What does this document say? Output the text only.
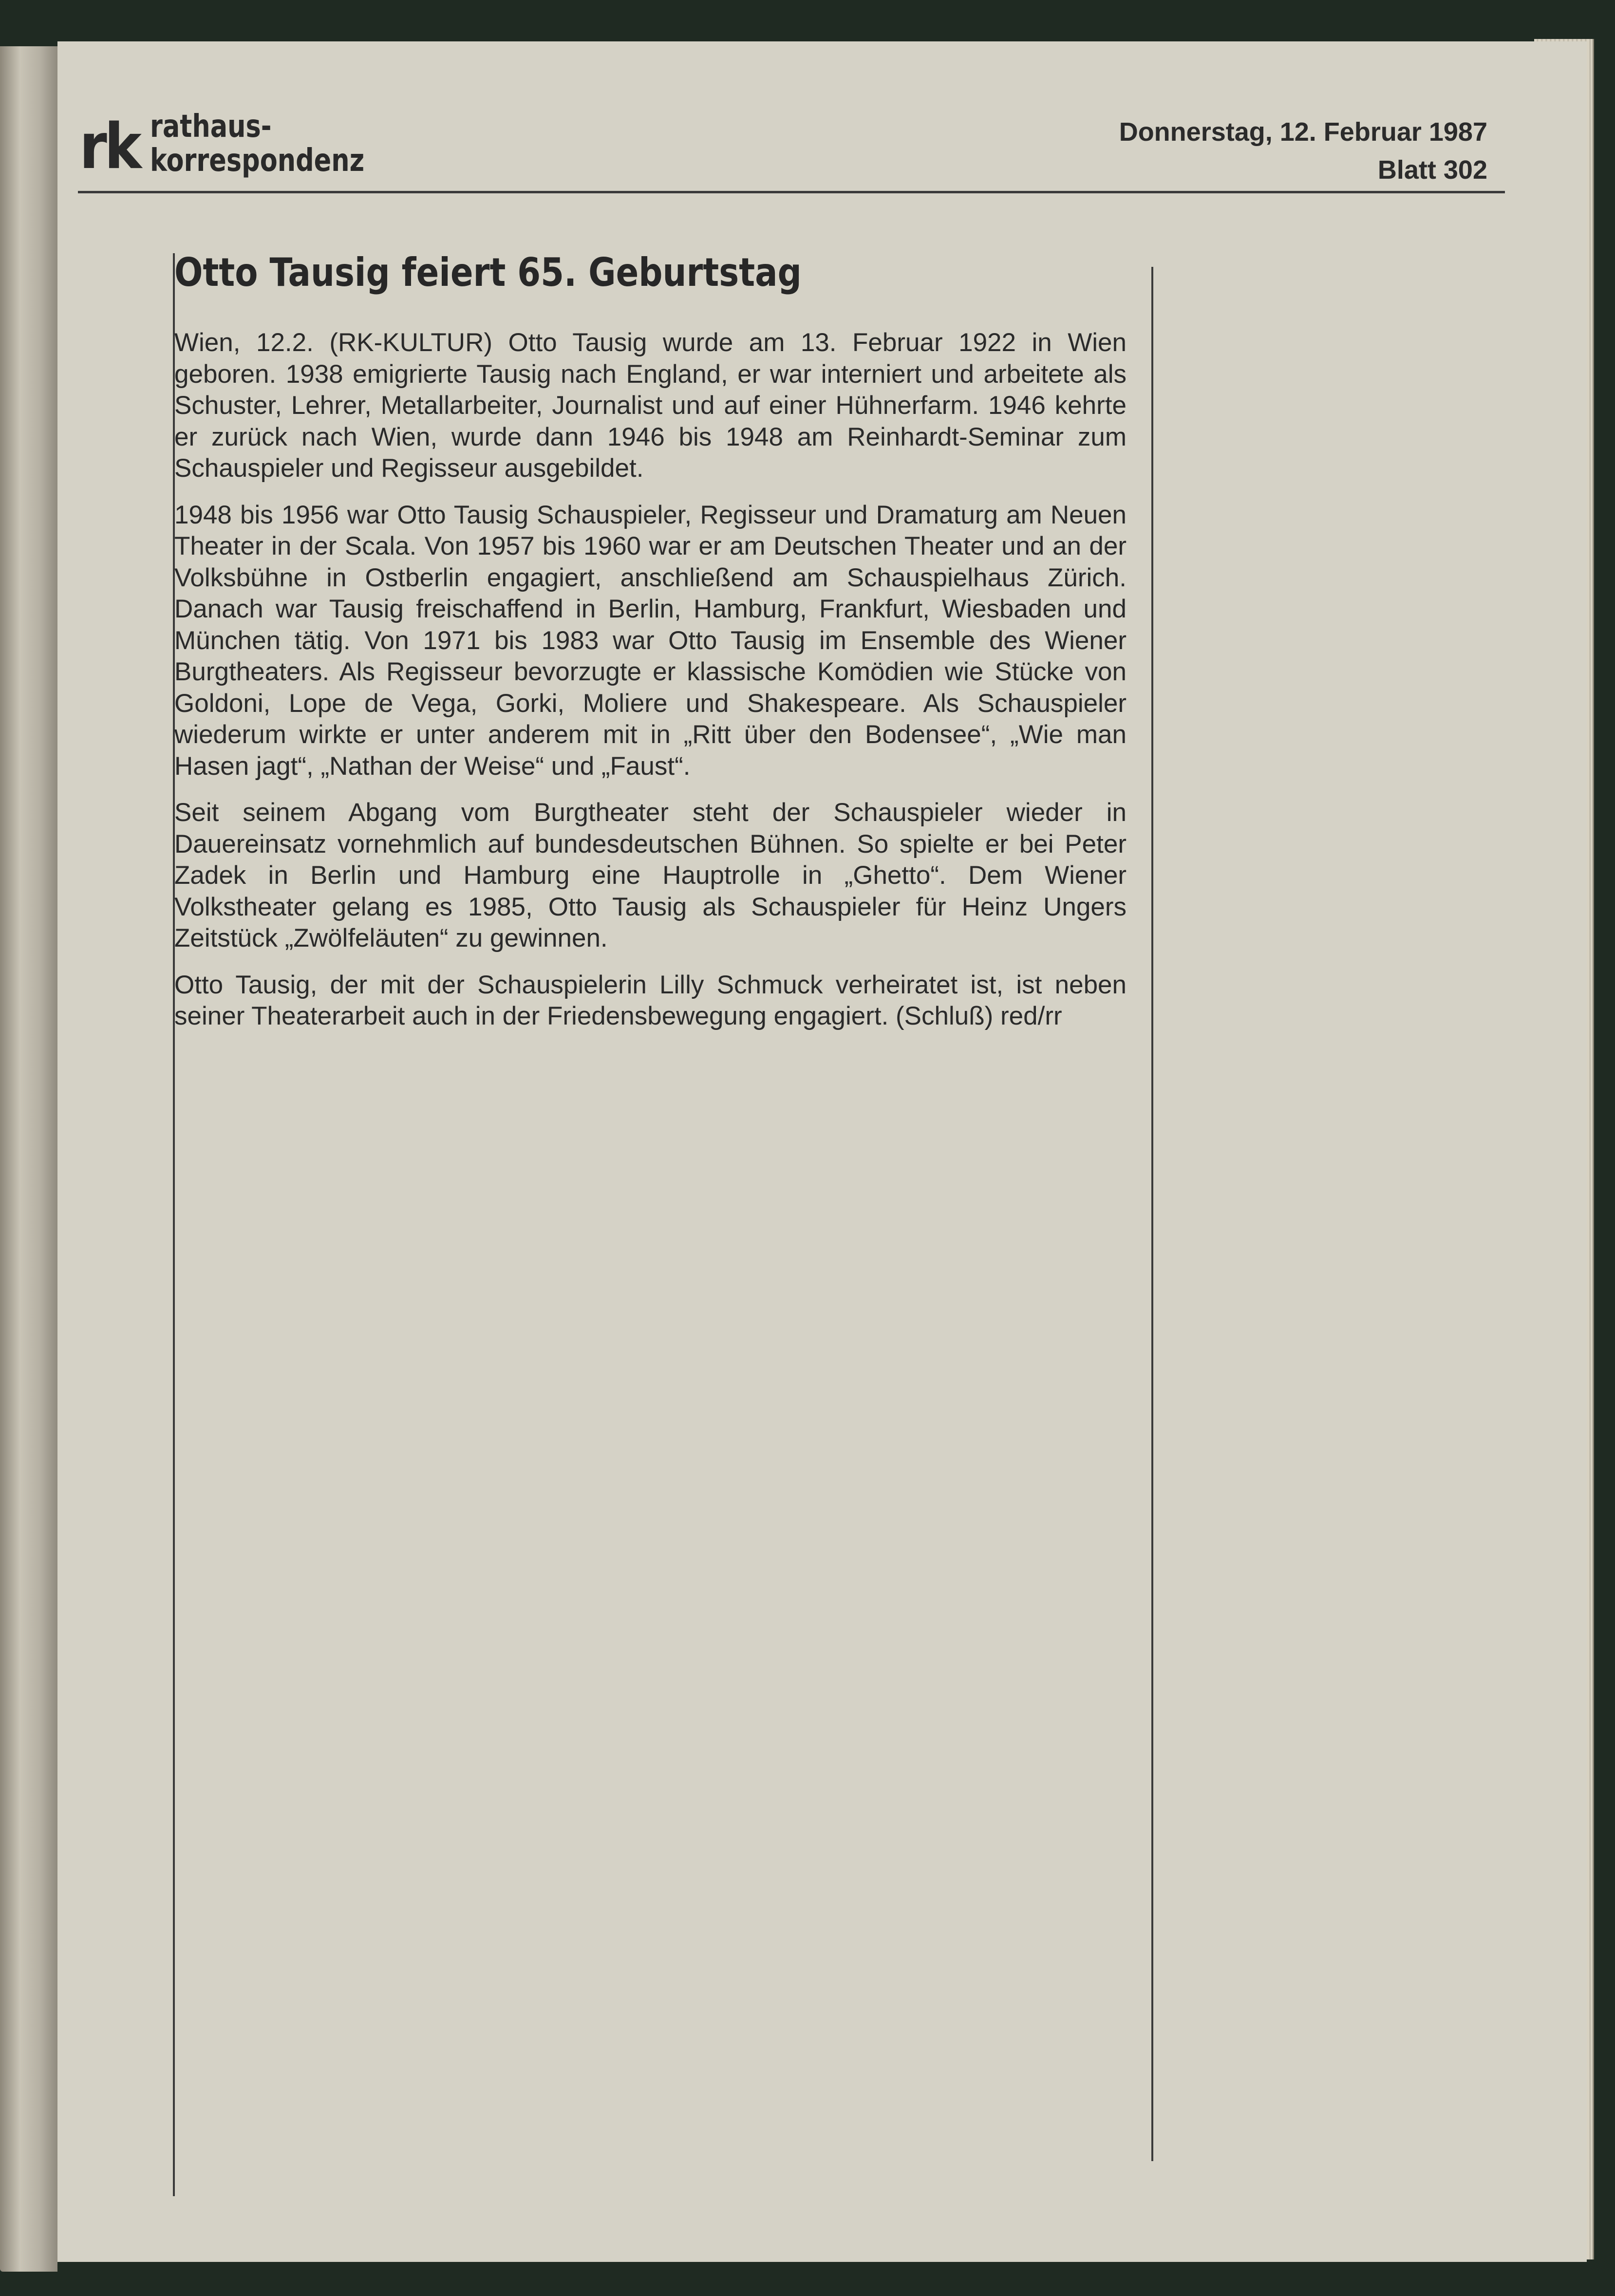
rk rathaus-
korrespondenz
Donnerstag, 12. Februar 1987
Blatt 302
Otto Tausig feiert 65. Geburtstag

Wien, 12.2. (RK-KULTUR) Otto Tausig wurde am 13. Februar 1922 in Wien geboren. 1938 emigrierte Tausig nach England, er war interniert und arbeitete als Schuster, Lehrer, Metallarbeiter, Journalist und auf einer Hühnerfarm. 1946 kehrte er zurück nach Wien, wurde dann 1946 bis 1948 am Reinhardt-Seminar zum Schauspieler und Regisseur ausgebildet.

1948 bis 1956 war Otto Tausig Schauspieler, Regisseur und Dramaturg am Neuen Theater in der Scala. Von 1957 bis 1960 war er am Deutschen Theater und an der Volksbühne in Ostberlin engagiert, anschließend am Schauspielhaus Zürich. Danach war Tausig freischaffend in Berlin, Hamburg, Frankfurt, Wiesbaden und München tätig. Von 1971 bis 1983 war Otto Tausig im Ensemble des Wiener Burgtheaters. Als Regisseur bevorzugte er klassische Komödien wie Stücke von Goldoni, Lope de Vega, Gorki, Moliere und Shakespeare. Als Schauspieler wiederum wirkte er unter anderem mit in „Ritt über den Bodensee“, „Wie man Hasen jagt“, „Nathan der Weise“ und „Faust“.

Seit seinem Abgang vom Burgtheater steht der Schauspieler wieder in Dauereinsatz vornehmlich auf bundesdeutschen Bühnen. So spielte er bei Peter Zadek in Berlin und Hamburg eine Hauptrolle in „Ghetto“. Dem Wiener Volkstheater gelang es 1985, Otto Tausig als Schauspieler für Heinz Ungers Zeitstück „Zwölfeläuten“ zu gewinnen.

Otto Tausig, der mit der Schauspielerin Lilly Schmuck verheiratet ist, ist neben seiner Theaterarbeit auch in der Friedensbewegung engagiert. (Schluß) red/rr
